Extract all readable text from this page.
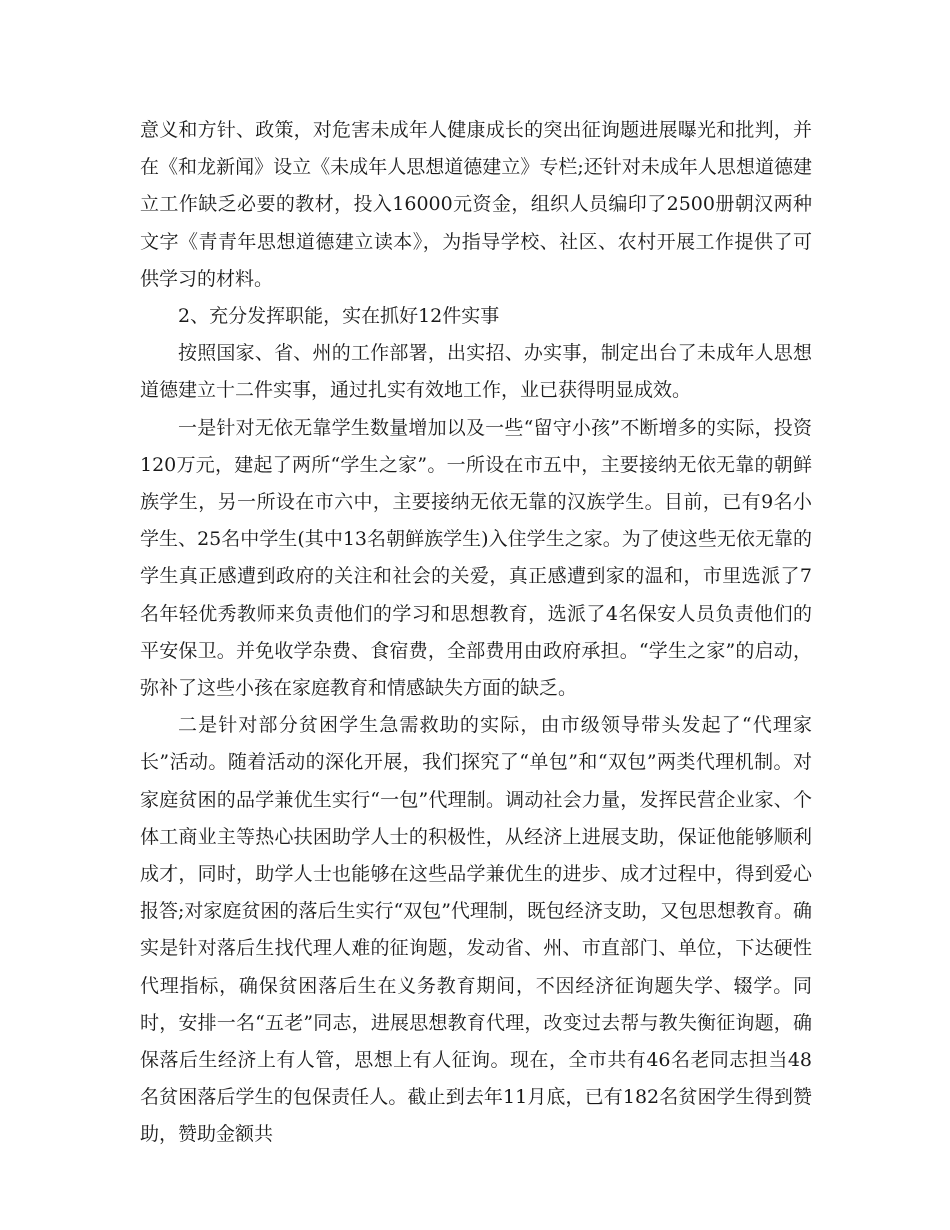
意义和方针、政策，对危害未成年人健康成长的突出征询题进展曝光和批判，并在《和龙新闻》设立《未成年人思想道德建立》专栏;还针对未成年人思想道德建立工作缺乏必要的教材，投入16000元资金，组织人员编印了2500册朝汉两种文字《青青年思想道德建立读本》，为指导学校、社区、农村开展工作提供了可供学习的材料。

2、充分发挥职能，实在抓好12件实事

按照国家、省、州的工作部署，出实招、办实事，制定出台了未成年人思想道德建立十二件实事，通过扎实有效地工作，业已获得明显成效。

一是针对无依无靠学生数量增加以及一些“留守小孩”不断增多的实际，投资120万元，建起了两所“学生之家”。一所设在市五中，主要接纳无依无靠的朝鲜族学生，另一所设在市六中，主要接纳无依无靠的汉族学生。目前，已有9名小学生、25名中学生(其中13名朝鲜族学生)入住学生之家。为了使这些无依无靠的学生真正感遭到政府的关注和社会的关爱，真正感遭到家的温和，市里选派了7名年轻优秀教师来负责他们的学习和思想教育，选派了4名保安人员负责他们的平安保卫。并免收学杂费、食宿费，全部费用由政府承担。“学生之家”的启动，弥补了这些小孩在家庭教育和情感缺失方面的缺乏。

二是针对部分贫困学生急需救助的实际，由市级领导带头发起了“代理家长”活动。随着活动的深化开展，我们探究了“单包”和“双包”两类代理机制。对家庭贫困的品学兼优生实行“一包”代理制。调动社会力量，发挥民营企业家、个体工商业主等热心扶困助学人士的积极性，从经济上进展支助，保证他能够顺利成才，同时，助学人士也能够在这些品学兼优生的进步、成才过程中，得到爱心报答;对家庭贫困的落后生实行“双包”代理制，既包经济支助，又包思想教育。确实是针对落后生找代理人难的征询题，发动省、州、市直部门、单位，下达硬性代理指标，确保贫困落后生在义务教育期间，不因经济征询题失学、辍学。同时，安排一名“五老”同志，进展思想教育代理，改变过去帮与教失衡征询题，确保落后生经济上有人管，思想上有人征询。现在，全市共有46名老同志担当48名贫困落后学生的包保责任人。截止到去年11月底，已有182名贫困学生得到赞助，赞助金额共
